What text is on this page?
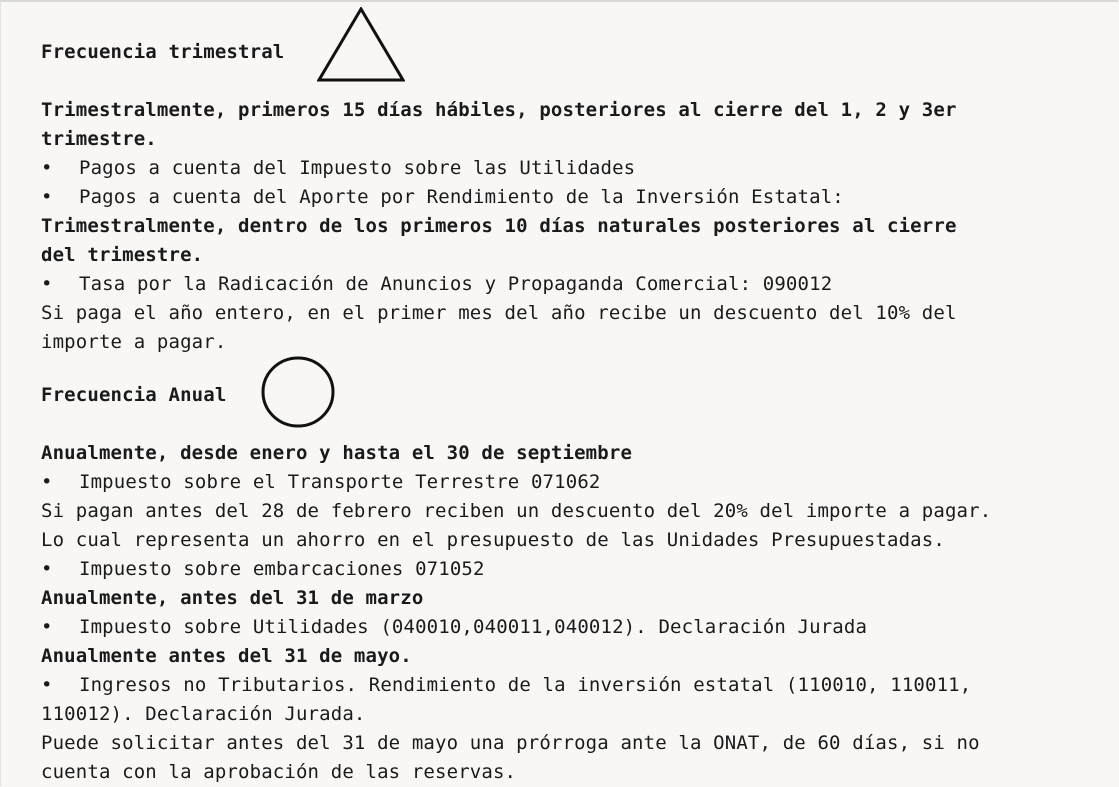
Frecuencia trimestral
Trimestralmente, primeros 15 días hábiles, posteriores al cierre del 1, 2 y 3er
trimestre.
• Pagos a cuenta del Impuesto sobre las Utilidades
• Pagos a cuenta del Aporte por Rendimiento de la Inversión Estatal:
Trimestralmente, dentro de los primeros 10 días naturales posteriores al cierre
del trimestre.
• Tasa por la Radicación de Anuncios y Propaganda Comercial: 090012
Si paga el año entero, en el primer mes del año recibe un descuento del 10% del
importe a pagar.
Frecuencia Anual
Anualmente, desde enero y hasta el 30 de septiembre
• Impuesto sobre el Transporte Terrestre 071062
Si pagan antes del 28 de febrero reciben un descuento del 20% del importe a pagar.
Lo cual representa un ahorro en el presupuesto de las Unidades Presupuestadas.
• Impuesto sobre embarcaciones 071052
Anualmente, antes del 31 de marzo
• Impuesto sobre Utilidades (040010,040011,040012). Declaración Jurada
Anualmente antes del 31 de mayo.
• Ingresos no Tributarios. Rendimiento de la inversión estatal (110010, 110011,
110012). Declaración Jurada.
Puede solicitar antes del 31 de mayo una prórroga ante la ONAT, de 60 días, si no
cuenta con la aprobación de las reservas.
